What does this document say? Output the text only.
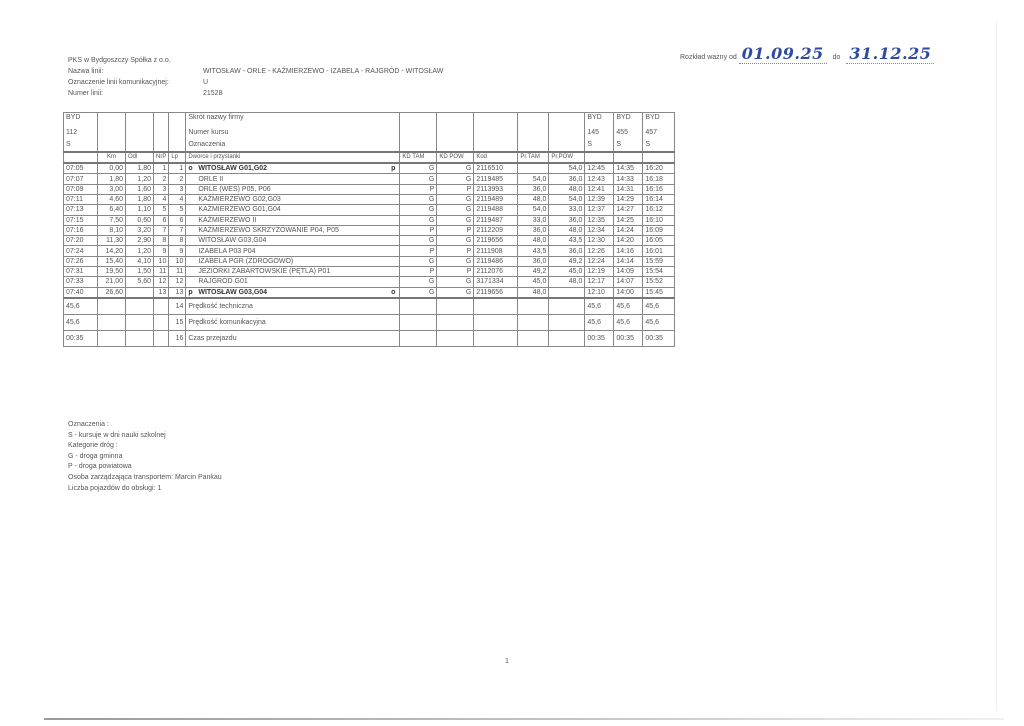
PKS w Bydgoszczy Spółka z o.o.
Nazwa linii:	WITOSŁAW - ORLE - KAŹMIERZEWO - IZABELA - RAJGRÓD - WITOSŁAW
Oznaczenie linii komunikacyjnej:	U
Numer linii:	21528
Rozkład ważny od 01.09.25 do 31.12.25
BYD					Skrót nazwy firmy						BYD	BYD	BYD
112					Numer kursu						145	455	457
S					Oznaczenia						S	S	S
	Km	Odl	NrP	Lp	Dworce i przystanki	KD TAM	KD POW	Kod	Pr.TAM	Pr.POW			
07:05	0,00	1,80	1	1	o WITOSŁAW G01,G02 p	G	G	2116510		54,0	12:45	14:35	16:20
07:07	1,80	1,20	2	2	ORLE II	G	G	2119485	54,0	36,0	12:43	14:33	16:18
07:09	3,00	1,60	3	3	ORLE (WEŚ) P05, P06	P	P	2113993	36,0	48,0	12:41	14:31	16:16
07:11	4,60	1,80	4	4	KAŹMIERZEWO G02,G03	G	G	2119489	48,0	54,0	12:39	14:29	16:14
07:13	6,40	1,10	5	5	KAŹMIERZEWO G01,G04	G	G	2119488	54,0	33,0	12:37	14:27	16:12
07:15	7,50	0,60	6	6	KAŹMIERZEWO II	G	G	2119487	33,0	36,0	12:35	14:25	16:10
07:16	8,10	3,20	7	7	KAŹMIERZEWO SKRZYŻOWANIE P04, P05	P	P	2112209	36,0	48,0	12:34	14:24	16:09
07:20	11,30	2,90	8	8	WITOSŁAW G03,G04	G	G	2119656	48,0	43,5	12:30	14:20	16:05
07:24	14,20	1,20	9	9	IZABELA P03 P04	P	P	2111908	43,5	36,0	12:26	14:16	16:01
07:26	15,40	4,10	10	10	IZABELA PGR (ZDROGOWO)	G	G	2119486	36,0	49,2	12:24	14:14	15:59
07:31	19,50	1,50	11	11	JEZIORKI ZABARTOWSKIE (PĘTLA) P01	P	P	2112076	49,2	45,0	12:19	14:09	15:54
07:33	21,00	5,60	12	12	RAJGRÓD G01	G	G	3171334	45,0	48,0	12:17	14:07	15:52
07:40	26,60		13	13	p WITOSŁAW G03,G04 o	G	G	2119656	48,0		12:10	14:00	15:45
45,6				14	Prędkość techniczna						45,6	45,6	45,6
45,6				15	Prędkość komunikacyjna						45,6	45,6	45,6
00:35				16	Czas przejazdu						00:35	00:35	00:35
Oznaczenia :
S - kursuje w dni nauki szkolnej
Kategorie dróg :
G - droga gminna
P - droga powiatowa
Osoba zarządzająca transportem: Marcin Pankau
Liczba pojazdów do obsługi: 1
1
